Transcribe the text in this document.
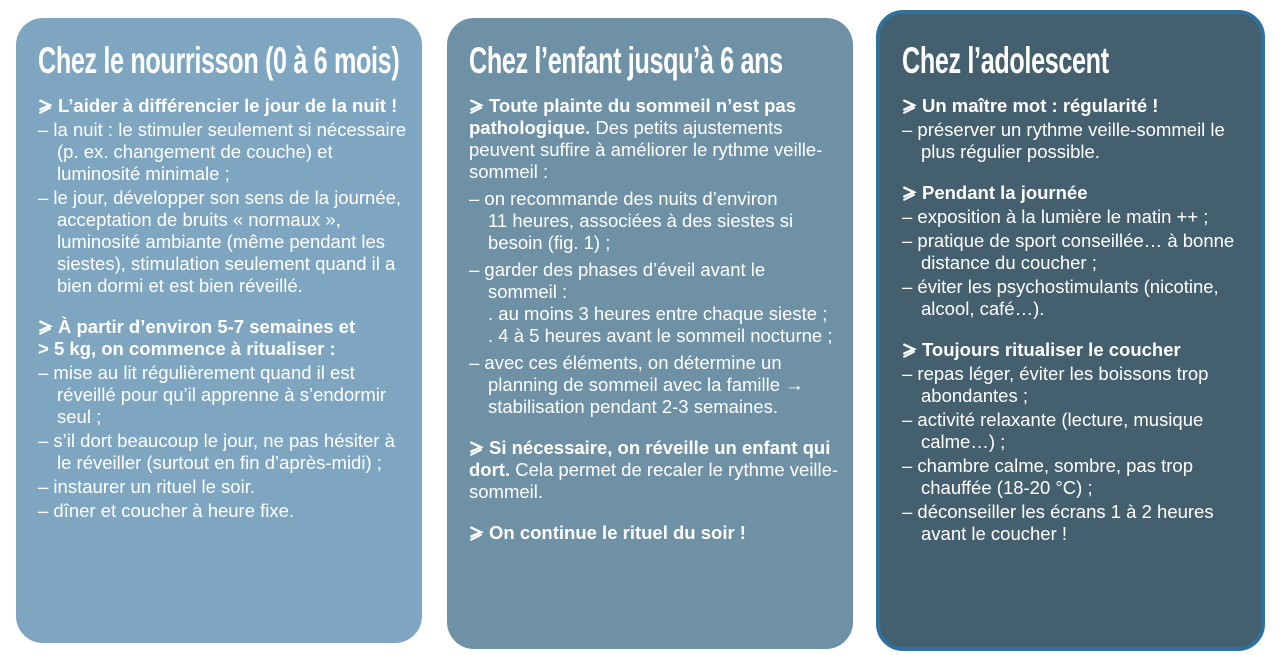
Chez le nourrisson (0 à 6 mois)

L’aider à différencier le jour de la nuit !

– la nuit : le stimuler seulement si nécessaire (p. ex. changement de couche) et luminosité minimale ;
– le jour, développer son sens de la journée, acceptation de bruits « normaux », luminosité ambiante (même pendant les siestes), stimulation seulement quand il a bien dormi et est bien réveillé.

À partir d’environ 5-7 semaines et > 5 kg, on commence à ritualiser :

– mise au lit régulièrement quand il est réveillé pour qu’il apprenne à s’endormir seul ;
– s’il dort beaucoup le jour, ne pas hésiter à le réveiller (surtout en fin d’après-midi) ;
– instaurer un rituel le soir.
– dîner et coucher à heure fixe.
Chez l’enfant jusqu’à 6 ans

Toute plainte du sommeil n’est pas pathologique. Des petits ajustements peuvent suffire à améliorer le rythme veille-sommeil :

– on recommande des nuits d’environ 11 heures, associées à des siestes si besoin (fig. 1) ;
– garder des phases d’éveil avant le sommeil :
. au moins 3 heures entre chaque sieste ;
. 4 à 5 heures avant le sommeil nocturne ;
– avec ces éléments, on détermine un planning de sommeil avec la famille → stabilisation pendant 2-3 semaines.

Si nécessaire, on réveille un enfant qui dort. Cela permet de recaler le rythme veille-sommeil.

On continue le rituel du soir !

Chez l’adolescent

Un maître mot : régularité !

– préserver un rythme veille-sommeil le plus régulier possible.

Pendant la journée

– exposition à la lumière le matin ++ ;
– pratique de sport conseillée… à bonne distance du coucher ;
– éviter les psychostimulants (nicotine, alcool, café…).

Toujours ritualiser le coucher

– repas léger, éviter les boissons trop abondantes ;
– activité relaxante (lecture, musique calme…) ;
– chambre calme, sombre, pas trop chauffée (18-20 °C) ;
– déconseiller les écrans 1 à 2 heures avant le coucher !
